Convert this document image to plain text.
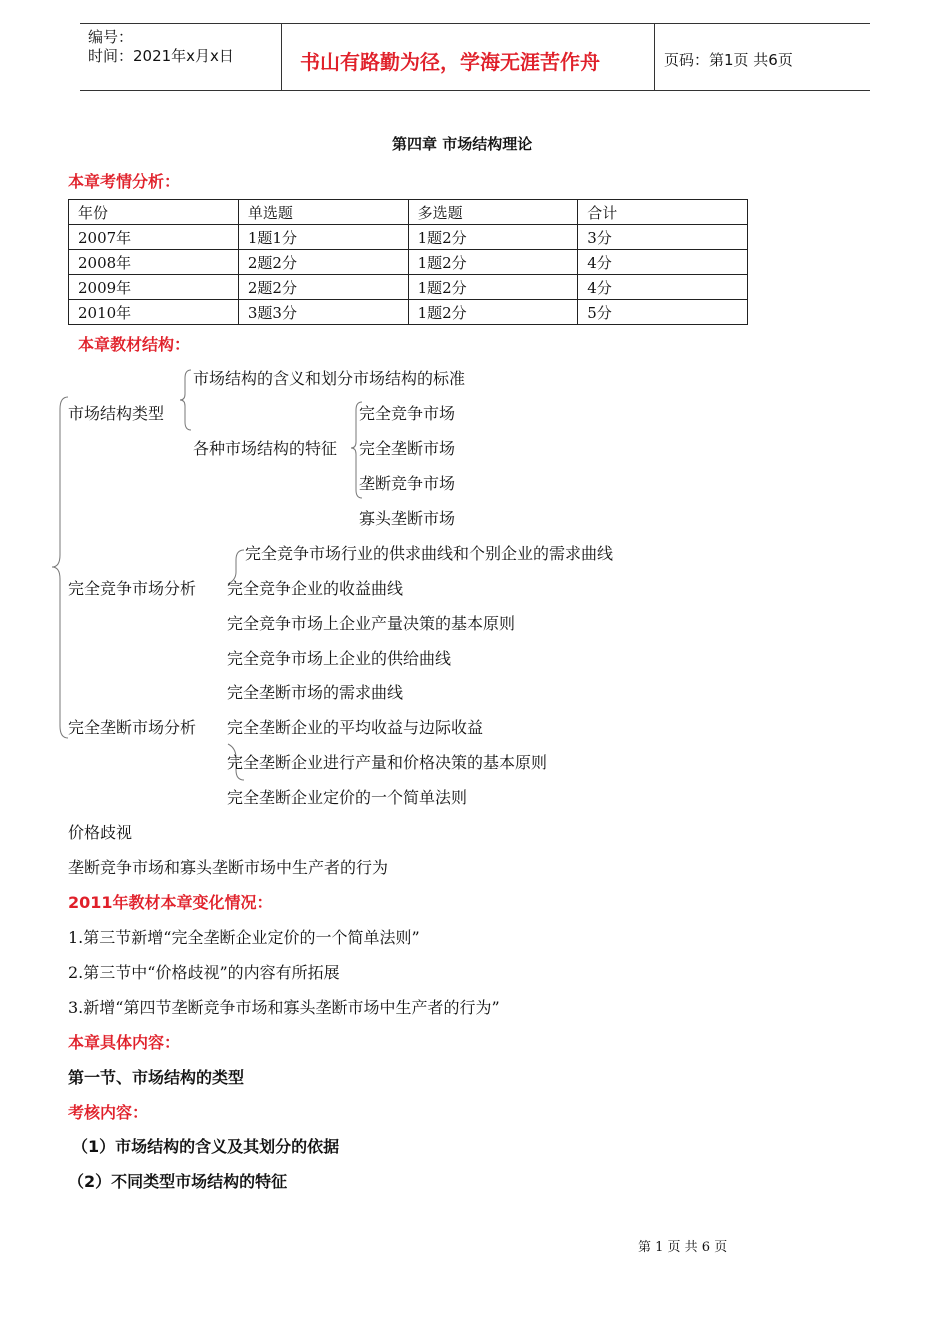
编号：
时间：2021年x月x日	书山有路勤为径，学海无涯苦作舟	页码：第1页 共6页
第四章 市场结构理论
本章考情分析：
年份	单选题	多选题	合计
2007年	1题1分	1题2分	3分
2008年	2题2分	1题2分	4分
2009年	2题2分	1题2分	4分
2010年	3题3分	1题2分	5分
本章教材结构：
市场结构的含义和划分市场结构的标准
市场结构类型	完全竞争市场
各种市场结构的特征 完全垄断市场
垄断竞争市场
寡头垄断市场
完全竞争市场行业的供求曲线和个别企业的需求曲线
完全竞争市场分析 完全竞争企业的收益曲线
完全竞争市场上企业产量决策的基本原则
完全竞争市场上企业的供给曲线
完全垄断市场的需求曲线
完全垄断市场分析 完全垄断企业的平均收益与边际收益
完全垄断企业进行产量和价格决策的基本原则
完全垄断企业定价的一个简单法则
价格歧视
垄断竞争市场和寡头垄断市场中生产者的行为
2011年教材本章变化情况：
1.第三节新增“完全垄断企业定价的一个简单法则”
2.第三节中“价格歧视”的内容有所拓展
3.新增“第四节垄断竞争市场和寡头垄断市场中生产者的行为”
本章具体内容：
第一节、市场结构的类型
考核内容：
（1）市场结构的含义及其划分的依据
（2）不同类型市场结构的特征
第 1 页 共 6 页
